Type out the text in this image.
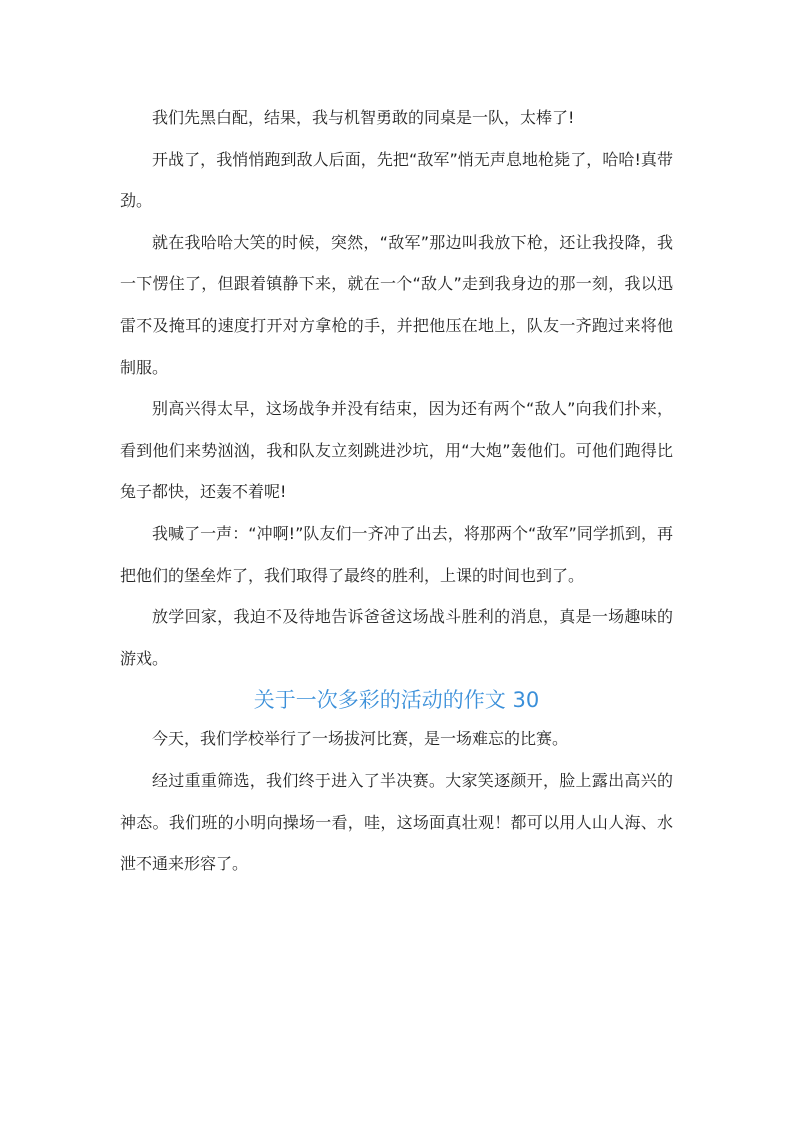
我们先黑白配，结果，我与机智勇敢的同桌是一队，太棒了!

开战了，我悄悄跑到敌人后面，先把“敌军”悄无声息地枪毙了，哈哈!真带劲。

就在我哈哈大笑的时候，突然，“敌军”那边叫我放下枪，还让我投降，我一下愣住了，但跟着镇静下来，就在一个“敌人”走到我身边的那一刻，我以迅雷不及掩耳的速度打开对方拿枪的手，并把他压在地上，队友一齐跑过来将他制服。

别高兴得太早，这场战争并没有结束，因为还有两个“敌人”向我们扑来，看到他们来势汹汹，我和队友立刻跳进沙坑，用“大炮”轰他们。可他们跑得比兔子都快，还轰不着呢!

我喊了一声：“冲啊!”队友们一齐冲了出去，将那两个“敌军”同学抓到，再把他们的堡垒炸了，我们取得了最终的胜利，上课的时间也到了。

放学回家，我迫不及待地告诉爸爸这场战斗胜利的消息，真是一场趣味的游戏。

关于一次多彩的活动的作文 30

今天，我们学校举行了一场拔河比赛，是一场难忘的比赛。

经过重重筛选，我们终于进入了半决赛。大家笑逐颜开，脸上露出高兴的神态。我们班的小明向操场一看，哇，这场面真壮观！都可以用人山人海、水泄不通来形容了。
